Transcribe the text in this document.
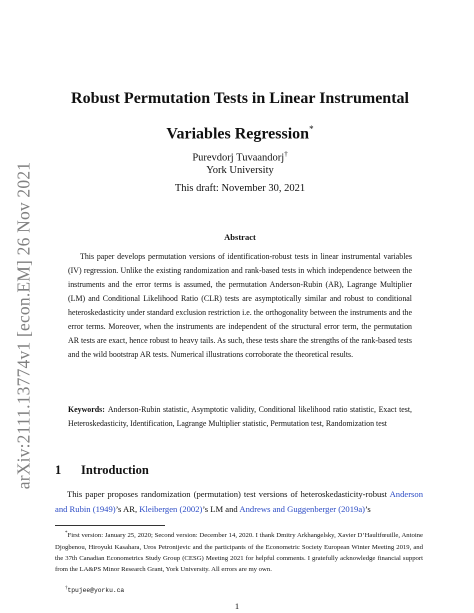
arXiv:2111.13774v1 [econ.EM] 26 Nov 2021
Robust Permutation Tests in Linear Instrumental
Variables Regression*
Purevdorj Tuvaandorj†
York University
This draft: November 30, 2021
Abstract
This paper develops permutation versions of identification-robust tests in linear instrumental variables (IV) regression. Unlike the existing randomization and rank-based tests in which independence between the instruments and the error terms is assumed, the permutation Anderson-Rubin (AR), Lagrange Multiplier (LM) and Conditional Likelihood Ratio (CLR) tests are asymptotically similar and robust to conditional heteroskedasticity under standard exclusion restriction i.e. the orthogonality between the instruments and the error terms. Moreover, when the instruments are independent of the structural error term, the permutation AR tests are exact, hence robust to heavy tails. As such, these tests share the strengths of the rank-based tests and the wild bootstrap AR tests. Numerical illustrations corroborate the theoretical results.
Keywords: Anderson-Rubin statistic, Asymptotic validity, Conditional likelihood ratio statistic, Exact test, Heteroskedasticity, Identification, Lagrange Multiplier statistic, Permutation test, Randomization test
1 Introduction
This paper proposes randomization (permutation) test versions of heteroskedasticity-robust Anderson and Rubin (1949)’s AR, Kleibergen (2002)’s LM and Andrews and Guggenberger (2019a)’s
*First version: January 25, 2020; Second version: December 14, 2020. I thank Dmitry Arkhangelsky, Xavier D’Haultfœuille, Antoine Djogbenou, Hiroyuki Kasahara, Uros Petronijevic and the participants of the Econometric Society European Winter Meeting 2019, and the 37th Canadian Econometrics Study Group (CESG) Meeting 2021 for helpful comments. I gratefully acknowledge financial support from the LA&PS Minor Research Grant, York University. All errors are my own.
†tpujee@yorku.ca
1
